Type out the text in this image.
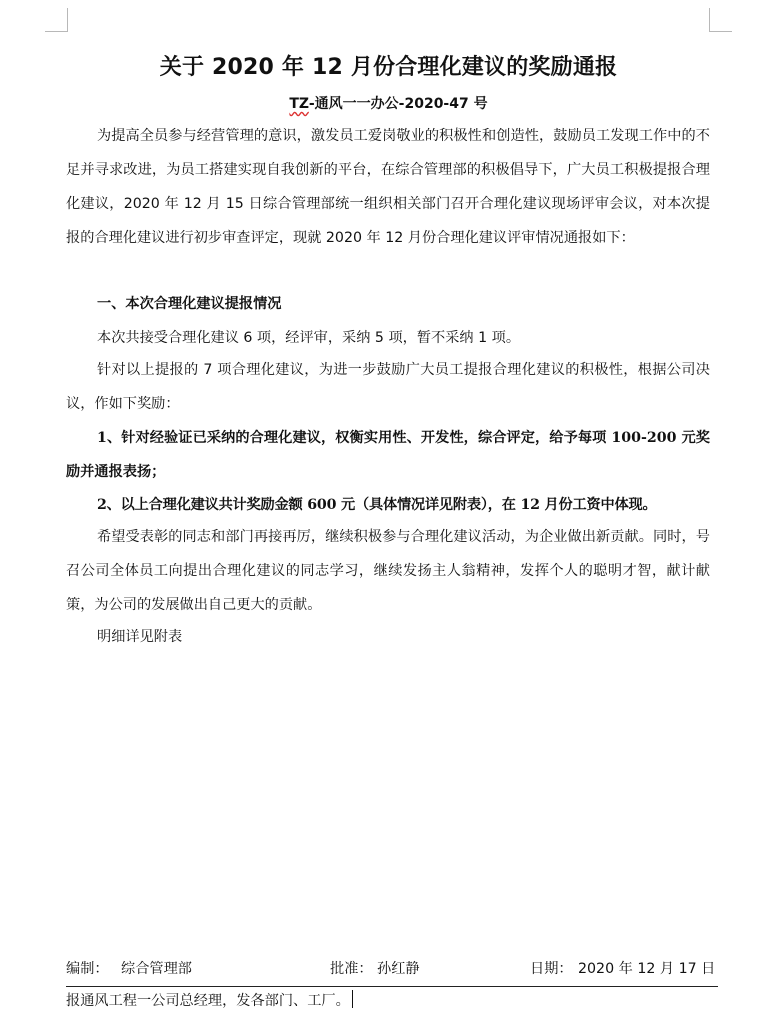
关于 2020 年 12 月份合理化建议的奖励通报
TZ-通风一一办公-2020-47 号
为提高全员参与经营管理的意识，激发员工爱岗敬业的积极性和创造性，鼓励员工发现工作中的不足并寻求改进，为员工搭建实现自我创新的平台，在综合管理部的积极倡导下，广大员工积极提报合理化建议，2020 年 12 月 15 日综合管理部统一组织相关部门召开合理化建议现场评审会议，对本次提报的合理化建议进行初步审查评定，现就 2020 年 12 月份合理化建议评审情况通报如下：
一、本次合理化建议提报情况
本次共接受合理化建议 6 项，经评审，采纳 5 项，暂不采纳 1 项。
针对以上提报的 7 项合理化建议，为进一步鼓励广大员工提报合理化建议的积极性，根据公司决议，作如下奖励：
1、针对经验证已采纳的合理化建议，权衡实用性、开发性，综合评定，给予每项 100-200 元奖励并通报表扬；
2、以上合理化建议共计奖励金额 600 元（具体情况详见附表），在 12 月份工资中体现。
希望受表彰的同志和部门再接再厉，继续积极参与合理化建议活动，为企业做出新贡献。同时，号召公司全体员工向提出合理化建议的同志学习，继续发扬主人翁精神，发挥个人的聪明才智，献计献策，为公司的发展做出自己更大的贡献。
明细详见附表
编制： 综合管理部	批准： 孙红静	日期： 2020 年 12 月 17 日
报通风工程一公司总经理，发各部门、工厂。
